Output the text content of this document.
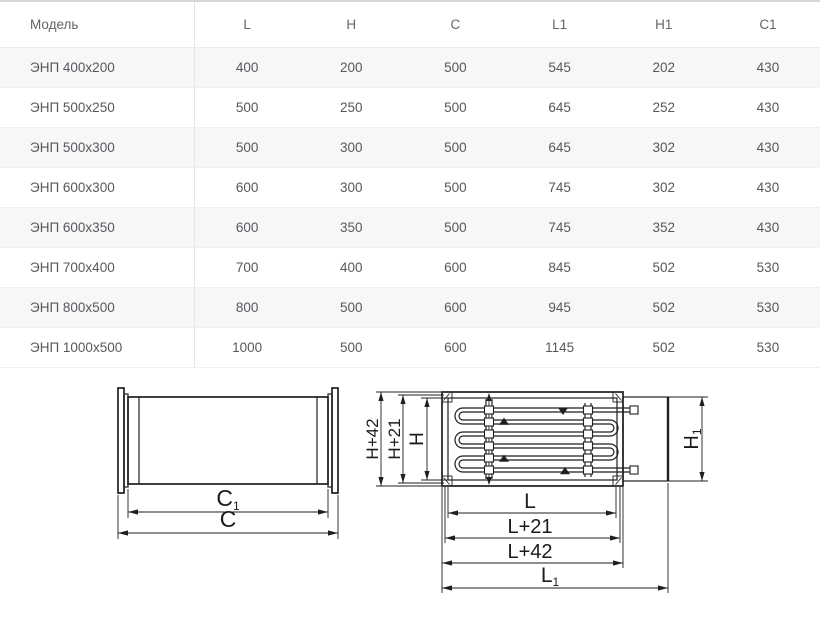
Модель	L	H	C	L1	H1	C1
ЭНП 400x200	400	200	500	545	202	430
ЭНП 500x250	500	250	500	645	252	430
ЭНП 500x300	500	300	500	645	302	430
ЭНП 600x300	600	300	500	745	302	430
ЭНП 600x350	600	350	500	745	352	430
ЭНП 700x400	700	400	600	845	502	530
ЭНП 800x500	800	500	600	945	502	530
ЭНП 1000x500	1000	500	600	1145	502	530
C1
C
H+42 H+21 H	H1
L
L+21
L+42
L1
